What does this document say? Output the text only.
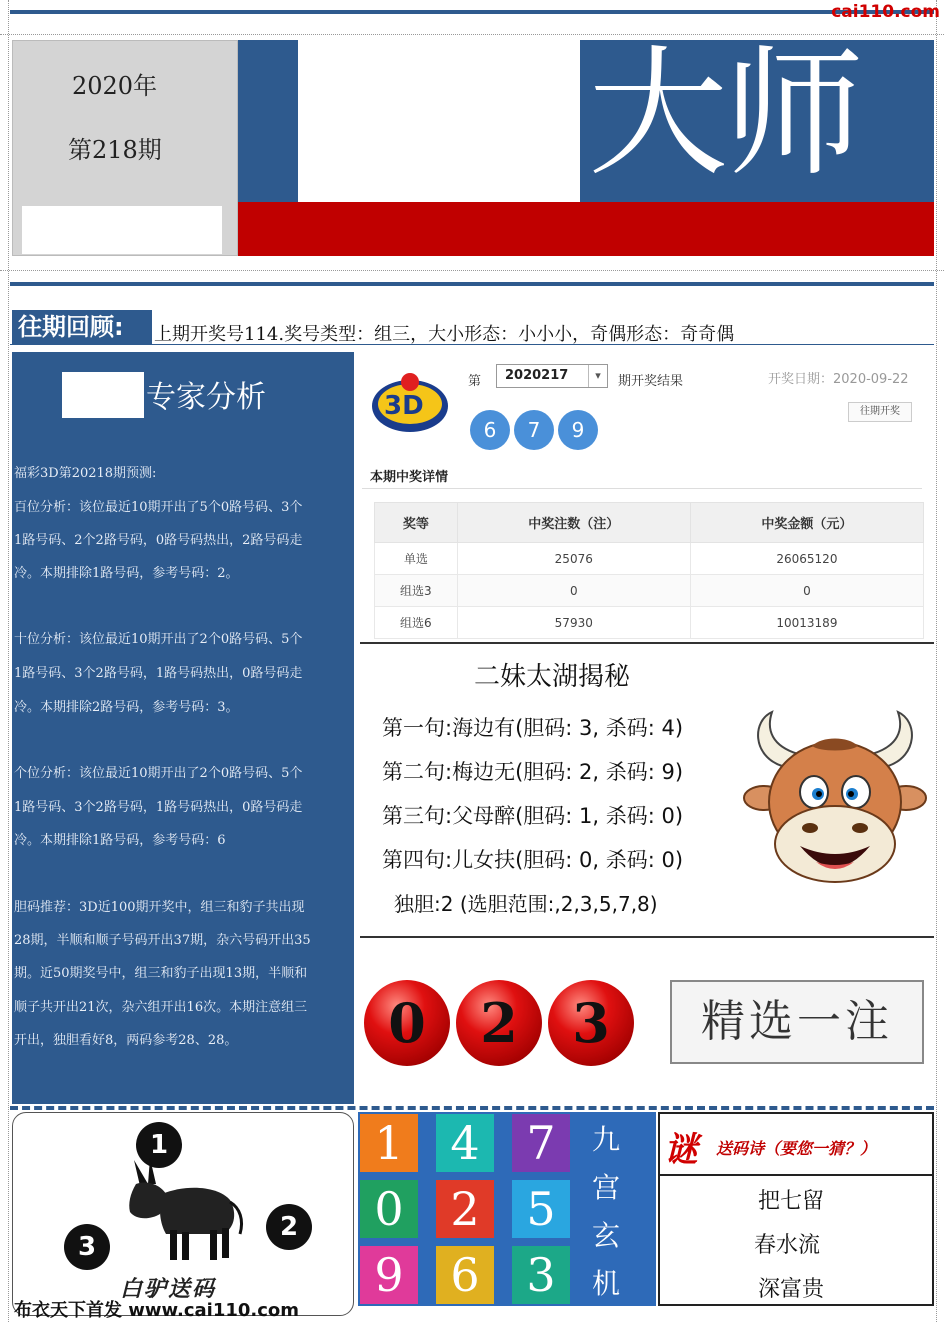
cai110.com
2020年
第218期	大师
往期回顾:	上期开奖号114.奖号类型：组三，大小形态：小小小，奇偶形态：奇奇偶
专家分析
福彩3D第20218期预测:
百位分析：该位最近10期开出了5个0路号码、3个
1路号码、2个2路号码，0路号码热出，2路号码走
冷。本期排除1路号码，参考号码：2。
十位分析：该位最近10期开出了2个0路号码、5个
1路号码、3个2路号码，1路号码热出，0路号码走
冷。本期排除2路号码，参考号码：3。
个位分析：该位最近10期开出了2个0路号码、5个
1路号码、3个2路号码，1路号码热出，0路号码走
冷。本期排除1路号码，参考号码：6
胆码推荐：3D近100期开奖中，组三和豹子共出现
28期，半顺和顺子号码开出37期，杂六号码开出35
期。近50期奖号中，组三和豹子出现13期，半顺和
顺子共开出21次，杂六组开出16次。本期注意组三
开出，独胆看好8，两码参考28、28。
3D
第	2020217	▾	期开奖结果	开奖日期：2020-09-22
往期开奖
6	7	9
本期中奖详情
奖等	中奖注数（注）	中奖金额（元）
单选	25076	26065120
组选3	0	0
组选6	57930	10013189
二妹太湖揭秘
第一句:海边有(胆码: 3, 杀码: 4)
第二句:梅边无(胆码: 2, 杀码: 9)
第三句:父母醉(胆码: 1, 杀码: 0)
第四句:儿女扶(胆码: 0, 杀码: 0)
独胆:2 (选胆范围:,2,3,5,7,8)
0	2	3	精选一注
1
2
3
白驴送码
布衣天下首发 www.cai110.com
1	4	7
0	2	5
9	6	3
九
宫
玄
机
谜 送码诗（要您一猜？）
把七留
春水流
深富贵
